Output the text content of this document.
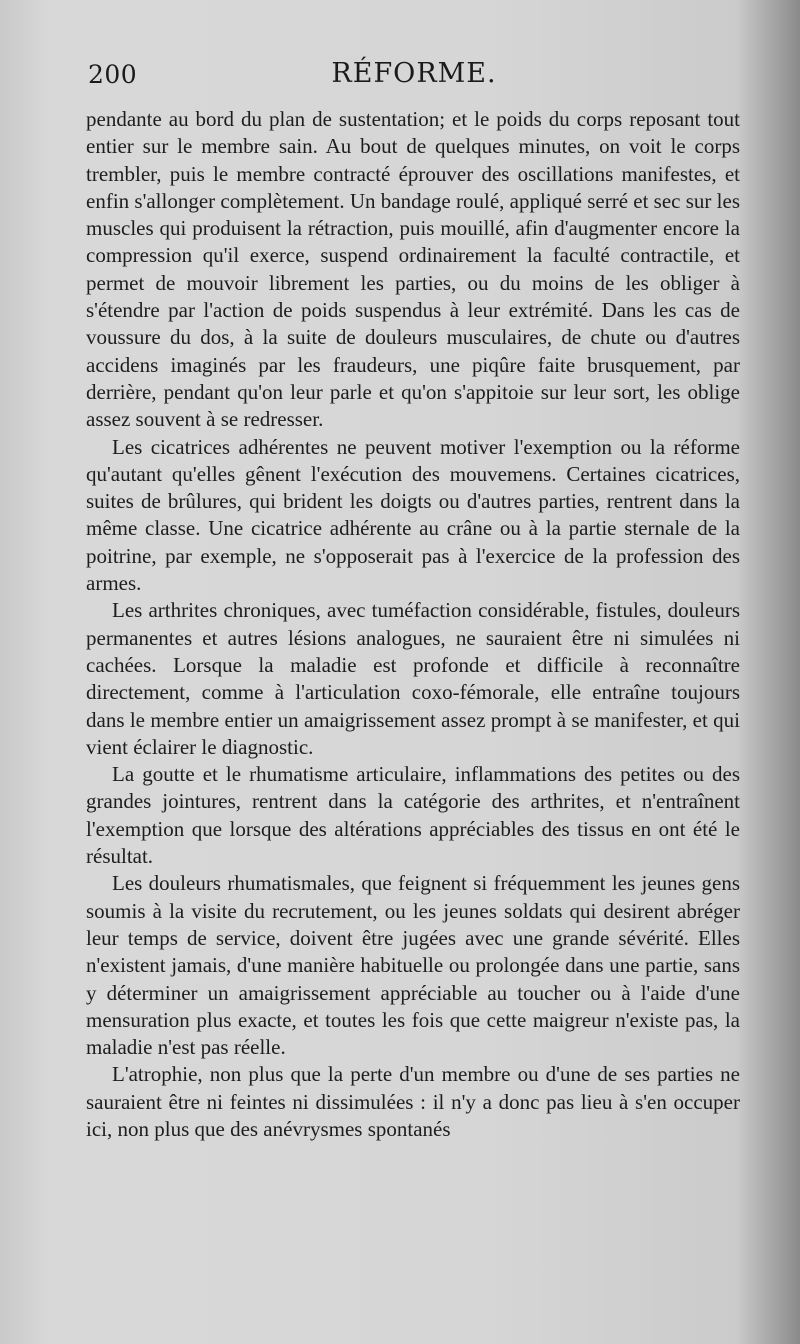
200	RÉFORME.

pendante au bord du plan de sustentation; et le poids du corps reposant tout entier sur le membre sain. Au bout de quelques minutes, on voit le corps trembler, puis le membre contracté éprouver des oscillations manifestes, et enfin s'allonger complètement. Un bandage roulé, appliqué serré et sec sur les muscles qui produisent la rétraction, puis mouillé, afin d'augmenter encore la compression qu'il exerce, suspend ordinairement la faculté contractile, et permet de mouvoir librement les parties, ou du moins de les obliger à s'étendre par l'action de poids suspendus à leur extrémité. Dans les cas de voussure du dos, à la suite de douleurs musculaires, de chute ou d'autres accidens imaginés par les fraudeurs, une piqûre faite brusquement, par derrière, pendant qu'on leur parle et qu'on s'appitoie sur leur sort, les oblige assez souvent à se redresser.

Les cicatrices adhérentes ne peuvent motiver l'exemption ou la réforme qu'autant qu'elles gênent l'exécution des mouvemens. Certaines cicatrices, suites de brûlures, qui brident les doigts ou d'autres parties, rentrent dans la même classe. Une cicatrice adhérente au crâne ou à la partie sternale de la poitrine, par exemple, ne s'opposerait pas à l'exercice de la profession des armes.

Les arthrites chroniques, avec tuméfaction considérable, fistules, douleurs permanentes et autres lésions analogues, ne sauraient être ni simulées ni cachées. Lorsque la maladie est profonde et difficile à reconnaître directement, comme à l'articulation coxo-fémorale, elle entraîne toujours dans le membre entier un amaigrissement assez prompt à se manifester, et qui vient éclairer le diagnostic.

La goutte et le rhumatisme articulaire, inflammations des petites ou des grandes jointures, rentrent dans la catégorie des arthrites, et n'entraînent l'exemption que lorsque des altérations appréciables des tissus en ont été le résultat.

Les douleurs rhumatismales, que feignent si fréquemment les jeunes gens soumis à la visite du recrutement, ou les jeunes soldats qui desirent abréger leur temps de service, doivent être jugées avec une grande sévérité. Elles n'existent jamais, d'une manière habituelle ou prolongée dans une partie, sans y déterminer un amaigrissement appréciable au toucher ou à l'aide d'une mensuration plus exacte, et toutes les fois que cette maigreur n'existe pas, la maladie n'est pas réelle.

L'atrophie, non plus que la perte d'un membre ou d'une de ses parties ne sauraient être ni feintes ni dissimulées : il n'y a donc pas lieu à s'en occuper ici, non plus que des anévrysmes spontanés
